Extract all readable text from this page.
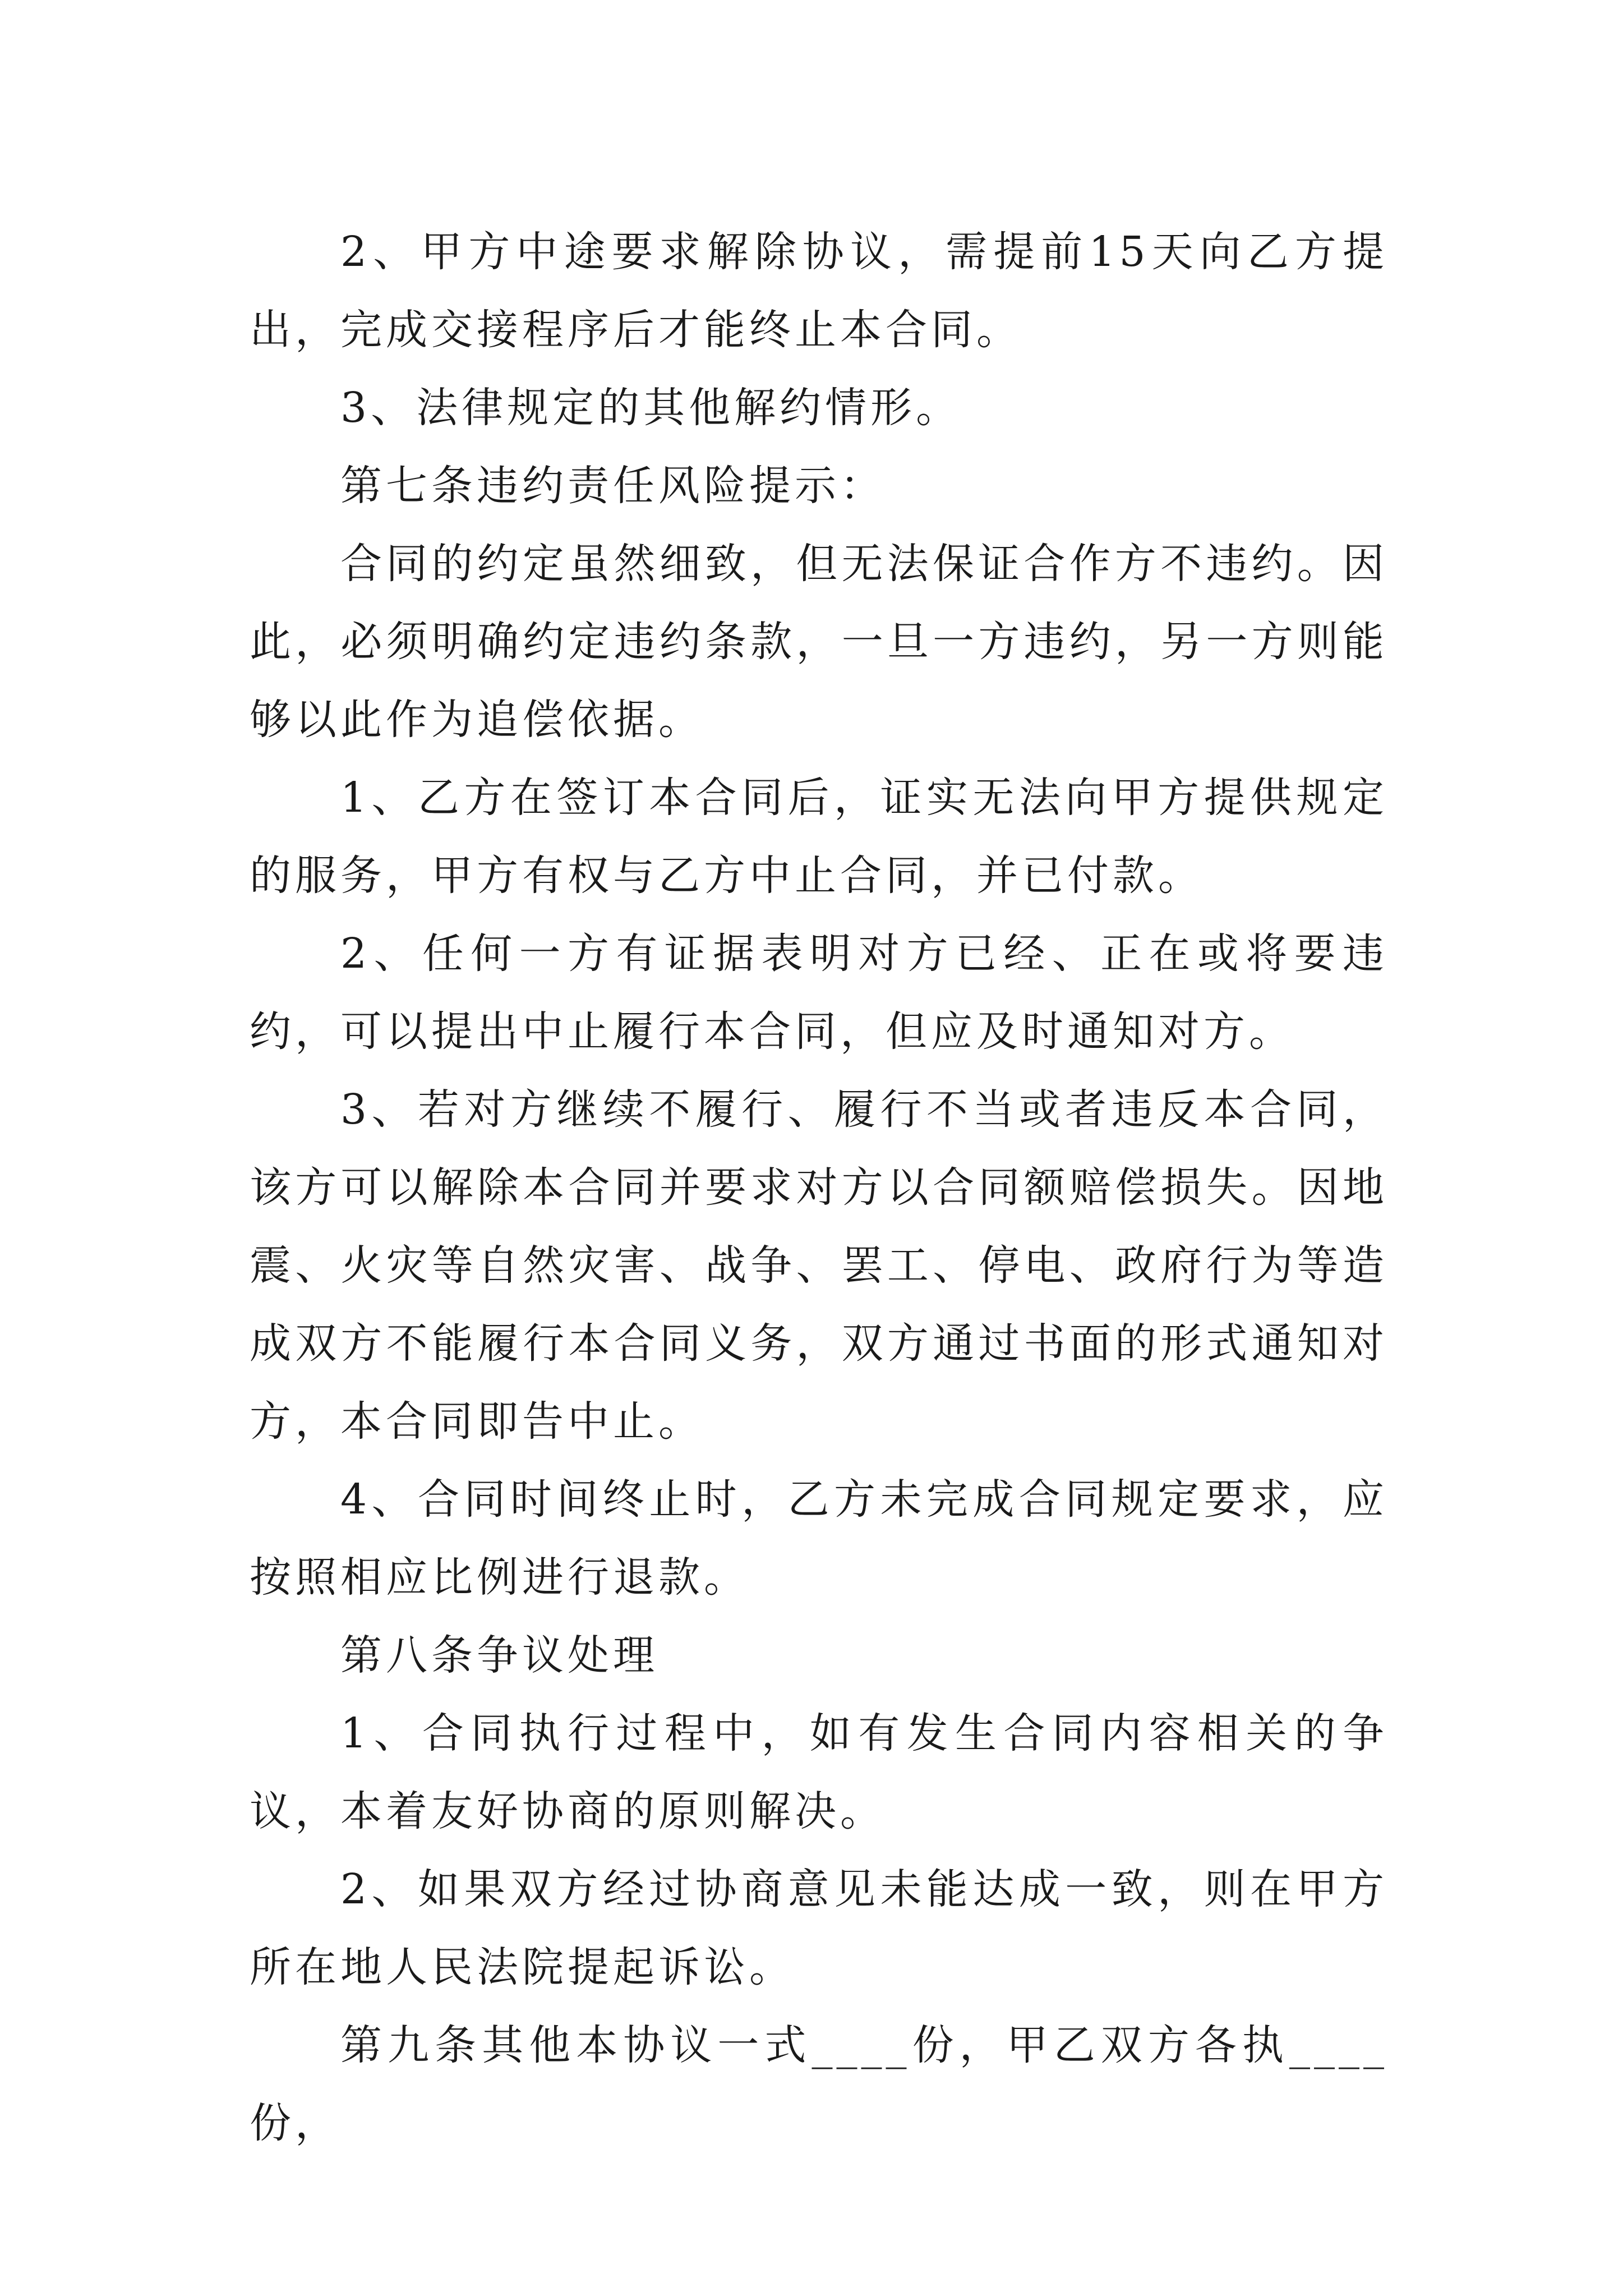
2、甲方中途要求解除协议，需提前15天向乙方提出，完成交接程序后才能终止本合同。

3、法律规定的其他解约情形。

第七条违约责任风险提示：

合同的约定虽然细致，但无法保证合作方不违约。因此，必须明确约定违约条款，一旦一方违约，另一方则能够以此作为追偿依据。

1、乙方在签订本合同后，证实无法向甲方提供规定的服务，甲方有权与乙方中止合同，并已付款。

2、任何一方有证据表明对方已经、正在或将要违约，可以提出中止履行本合同，但应及时通知对方。

3、若对方继续不履行、履行不当或者违反本合同，该方可以解除本合同并要求对方以合同额赔偿损失。因地震、火灾等自然灾害、战争、罢工、停电、政府行为等造成双方不能履行本合同义务，双方通过书面的形式通知对方，本合同即告中止。

4、合同时间终止时，乙方未完成合同规定要求，应按照相应比例进行退款。

第八条争议处理

1、合同执行过程中，如有发生合同内容相关的争议，本着友好协商的原则解决。

2、如果双方经过协商意见未能达成一致，则在甲方所在地人民法院提起诉讼。

第九条其他本协议一式____份，甲乙双方各执____份，
